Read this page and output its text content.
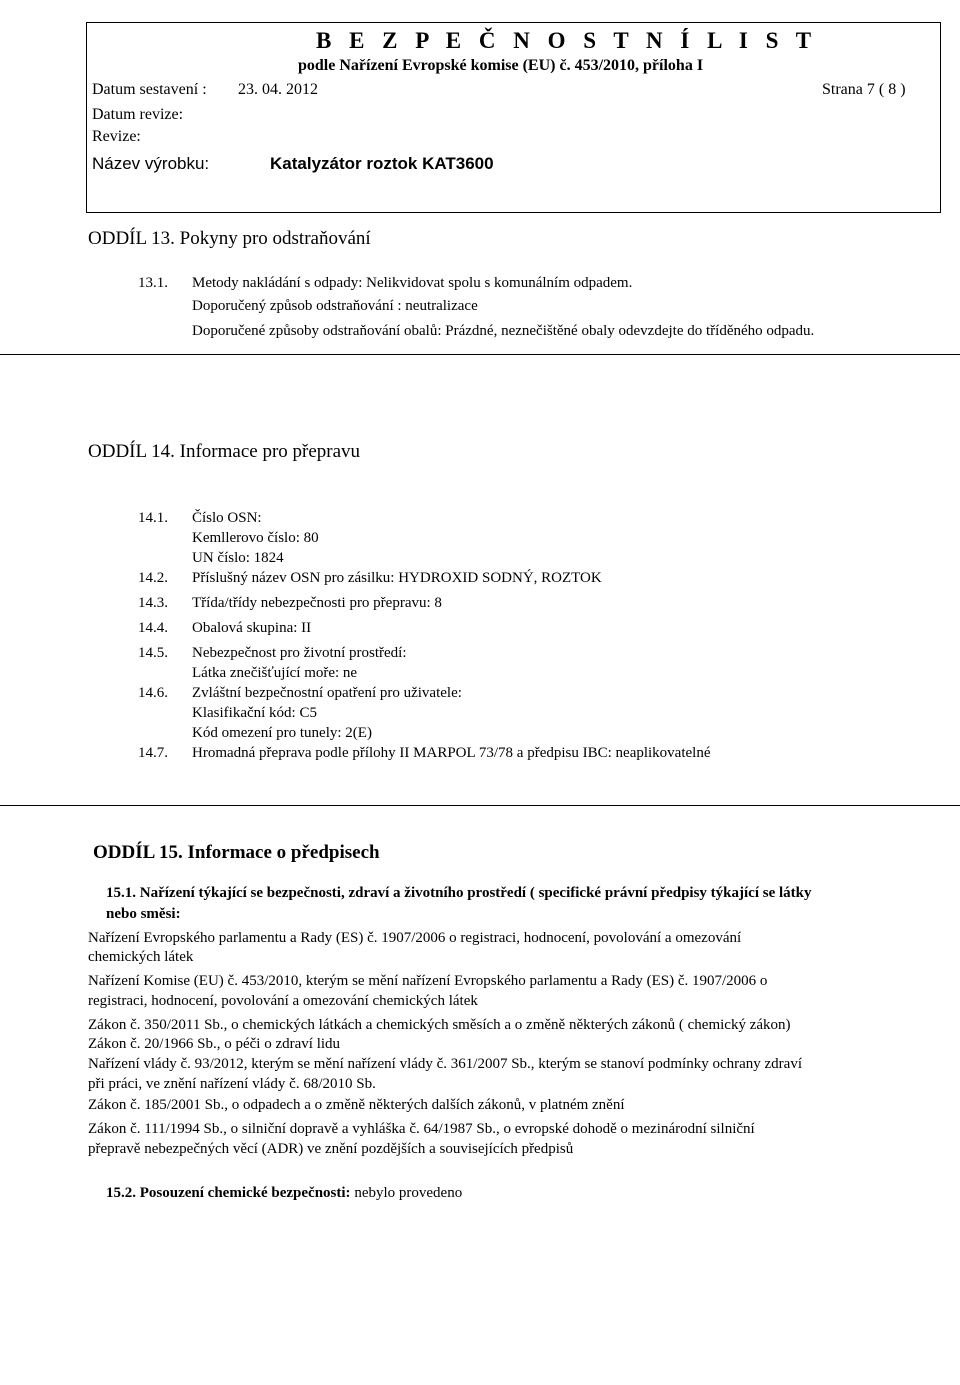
B E Z P E Č N O S T N Í L I S T
podle Nařízení Evropské komise (EU) č. 453/2010, příloha I
Datum sestavení : 23. 04. 2012	Strana 7 ( 8 )
Datum revize:
Revize:
Název výrobku:	Katalyzátor roztok KAT3600
ODDÍL 13. Pokyny pro odstraňování
13.1. Metody nakládání s odpady: Nelikvidovat spolu s komunálním odpadem.
Doporučený způsob odstraňování : neutralizace
Doporučené způsoby odstraňování obalů: Prázdné, neznečištěné obaly odevzdejte do tříděného odpadu.
ODDÍL 14. Informace pro přepravu
14.1. Číslo OSN:
Kemllerovo číslo: 80
UN číslo: 1824
14.2. Příslušný název OSN pro zásilku: HYDROXID SODNÝ, ROZTOK
14.3. Třída/třídy nebezpečnosti pro přepravu: 8
14.4. Obalová skupina: II
14.5. Nebezpečnost pro životní prostředí:
Látka znečišťující moře: ne
14.6. Zvláštní bezpečnostní opatření pro uživatele:
Klasifikační kód: C5
Kód omezení pro tunely: 2(E)
14.7. Hromadná přeprava podle přílohy II MARPOL 73/78 a předpisu IBC: neaplikovatelné
ODDÍL 15. Informace o předpisech
15.1. Nařízení týkající se bezpečnosti, zdraví a životního prostředí ( specifické právní předpisy týkající se látky
nebo směsi:
Nařízení Evropského parlamentu a Rady (ES) č. 1907/2006 o registraci, hodnocení, povolování a omezování
chemických látek
Nařízení Komise (EU) č. 453/2010, kterým se mění nařízení Evropského parlamentu a Rady (ES) č. 1907/2006 o
registraci, hodnocení, povolování a omezování chemických látek
Zákon č. 350/2011 Sb., o chemických látkách a chemických směsích a o změně některých zákonů ( chemický zákon)
Zákon č. 20/1966 Sb., o péči o zdraví lidu
Nařízení vlády č. 93/2012, kterým se mění nařízení vlády č. 361/2007 Sb., kterým se stanoví podmínky ochrany zdraví
při práci, ve znění nařízení vlády č. 68/2010 Sb.
Zákon č. 185/2001 Sb., o odpadech a o změně některých dalších zákonů, v platném znění
Zákon č. 111/1994 Sb., o silniční dopravě a vyhláška č. 64/1987 Sb., o evropské dohodě o mezinárodní silniční
přepravě nebezpečných věcí (ADR) ve znění pozdějších a souvisejících předpisů
15.2. Posouzení chemické bezpečnosti: nebylo provedeno
